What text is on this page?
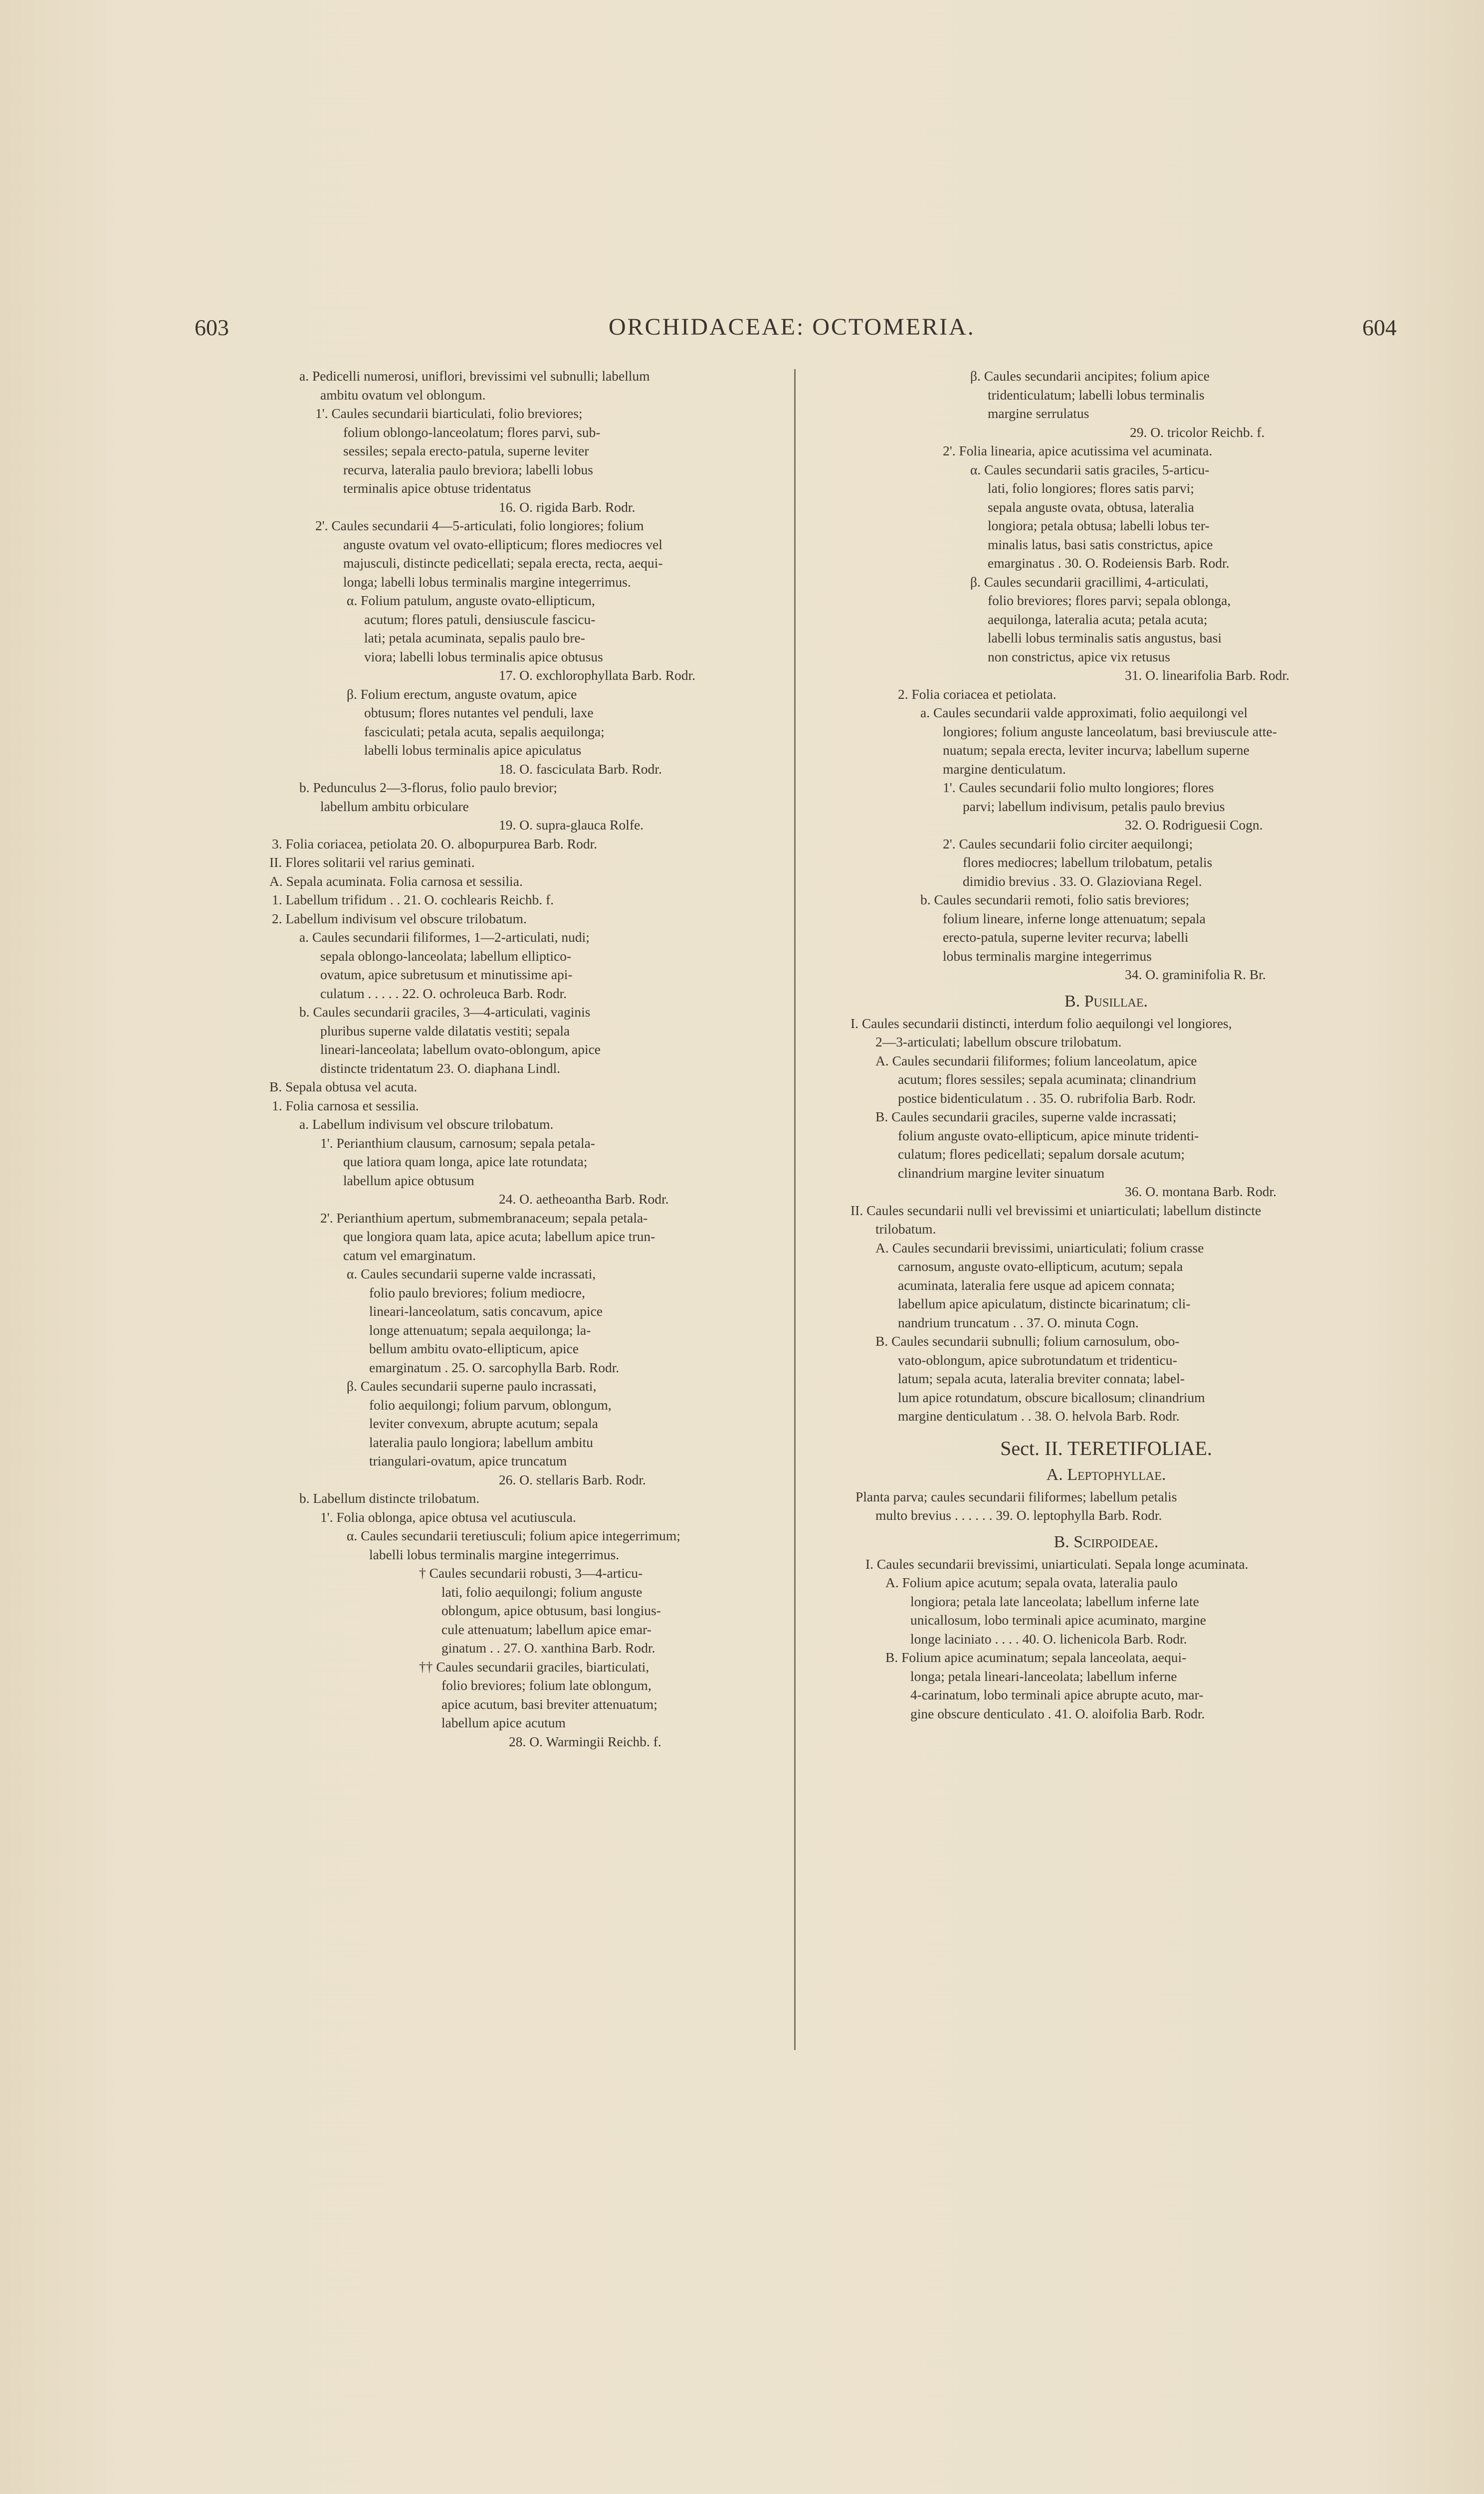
603	ORCHIDACEAE: OCTOMERIA.	604
a. Pedicelli numerosi, uniflori, brevissimi vel subnulli; labellum
ambitu ovatum vel oblongum.
1'. Caules secundarii biarticulati, folio breviores;
folium oblongo-lanceolatum; flores parvi, sub-
sessiles; sepala erecto-patula, superne leviter
recurva, lateralia paulo breviora; labelli lobus
terminalis apice obtuse tridentatus
16. O. rigida Barb. Rodr.
2'. Caules secundarii 4—5-articulati, folio longiores; folium
anguste ovatum vel ovato-ellipticum; flores mediocres vel
majusculi, distincte pedicellati; sepala erecta, recta, aequi-
longa; labelli lobus terminalis margine integerrimus.
α. Folium patulum, anguste ovato-ellipticum,
acutum; flores patuli, densiuscule fascicu-
lati; petala acuminata, sepalis paulo bre-
viora; labelli lobus terminalis apice obtusus
17. O. exchlorophyllata Barb. Rodr.
β. Folium erectum, anguste ovatum, apice
obtusum; flores nutantes vel penduli, laxe
fasciculati; petala acuta, sepalis aequilonga;
labelli lobus terminalis apice apiculatus
18. O. fasciculata Barb. Rodr.
b. Pedunculus 2—3-florus, folio paulo brevior;
labellum ambitu orbiculare
19. O. supra-glauca Rolfe.
3. Folia coriacea, petiolata 20. O. albopurpurea Barb. Rodr.
II. Flores solitarii vel rarius geminati.
A. Sepala acuminata. Folia carnosa et sessilia.
1. Labellum trifidum . . 21. O. cochlearis Reichb. f.
2. Labellum indivisum vel obscure trilobatum.
a. Caules secundarii filiformes, 1—2-articulati, nudi;
sepala oblongo-lanceolata; labellum elliptico-
ovatum, apice subretusum et minutissime api-
culatum . . . . . 22. O. ochroleuca Barb. Rodr.
b. Caules secundarii graciles, 3—4-articulati, vaginis
pluribus superne valde dilatatis vestiti; sepala
lineari-lanceolata; labellum ovato-oblongum, apice
distincte tridentatum 23. O. diaphana Lindl.
B. Sepala obtusa vel acuta.
1. Folia carnosa et sessilia.
a. Labellum indivisum vel obscure trilobatum.
1'. Perianthium clausum, carnosum; sepala petala-
que latiora quam longa, apice late rotundata;
labellum apice obtusum
24. O. aetheoantha Barb. Rodr.
2'. Perianthium apertum, submembranaceum; sepala petala-
que longiora quam lata, apice acuta; labellum apice trun-
catum vel emarginatum.
α. Caules secundarii superne valde incrassati,
folio paulo breviores; folium mediocre,
lineari-lanceolatum, satis concavum, apice
longe attenuatum; sepala aequilonga; la-
bellum ambitu ovato-ellipticum, apice
emarginatum . 25. O. sarcophylla Barb. Rodr.
β. Caules secundarii superne paulo incrassati,
folio aequilongi; folium parvum, oblongum,
leviter convexum, abrupte acutum; sepala
lateralia paulo longiora; labellum ambitu
triangulari-ovatum, apice truncatum
26. O. stellaris Barb. Rodr.
b. Labellum distincte trilobatum.
1'. Folia oblonga, apice obtusa vel acutiuscula.
α. Caules secundarii teretiusculi; folium apice integerrimum;
labelli lobus terminalis margine integerrimus.
† Caules secundarii robusti, 3—4-articu-
lati, folio aequilongi; folium anguste
oblongum, apice obtusum, basi longius-
cule attenuatum; labellum apice emar-
ginatum . . 27. O. xanthina Barb. Rodr.
†† Caules secundarii graciles, biarticulati,
folio breviores; folium late oblongum,
apice acutum, basi breviter attenuatum;
labellum apice acutum
28. O. Warmingii Reichb. f.
β. Caules secundarii ancipites; folium apice
tridenticulatum; labelli lobus terminalis
margine serrulatus
29. O. tricolor Reichb. f.
2'. Folia linearia, apice acutissima vel acuminata.
α. Caules secundarii satis graciles, 5-articu-
lati, folio longiores; flores satis parvi;
sepala anguste ovata, obtusa, lateralia
longiora; petala obtusa; labelli lobus ter-
minalis latus, basi satis constrictus, apice
emarginatus . 30. O. Rodeiensis Barb. Rodr.
β. Caules secundarii gracillimi, 4-articulati,
folio breviores; flores parvi; sepala oblonga,
aequilonga, lateralia acuta; petala acuta;
labelli lobus terminalis satis angustus, basi
non constrictus, apice vix retusus
31. O. linearifolia Barb. Rodr.
2. Folia coriacea et petiolata.
a. Caules secundarii valde approximati, folio aequilongi vel
longiores; folium anguste lanceolatum, basi breviuscule atte-
nuatum; sepala erecta, leviter incurva; labellum superne
margine denticulatum.
1'. Caules secundarii folio multo longiores; flores
parvi; labellum indivisum, petalis paulo brevius
32. O. Rodriguesii Cogn.
2'. Caules secundarii folio circiter aequilongi;
flores mediocres; labellum trilobatum, petalis
dimidio brevius . 33. O. Glazioviana Regel.
b. Caules secundarii remoti, folio satis breviores;
folium lineare, inferne longe attenuatum; sepala
erecto-patula, superne leviter recurva; labelli
lobus terminalis margine integerrimus
34. O. graminifolia R. Br.
B. Pusillae.
I. Caules secundarii distincti, interdum folio aequilongi vel longiores,
2—3-articulati; labellum obscure trilobatum.
A. Caules secundarii filiformes; folium lanceolatum, apice
acutum; flores sessiles; sepala acuminata; clinandrium
postice bidenticulatum . . 35. O. rubrifolia Barb. Rodr.
B. Caules secundarii graciles, superne valde incrassati;
folium anguste ovato-ellipticum, apice minute tridenti-
culatum; flores pedicellati; sepalum dorsale acutum;
clinandrium margine leviter sinuatum
36. O. montana Barb. Rodr.
II. Caules secundarii nulli vel brevissimi et uniarticulati; labellum distincte
trilobatum.
A. Caules secundarii brevissimi, uniarticulati; folium crasse
carnosum, anguste ovato-ellipticum, acutum; sepala
acuminata, lateralia fere usque ad apicem connata;
labellum apice apiculatum, distincte bicarinatum; cli-
nandrium truncatum . . 37. O. minuta Cogn.
B. Caules secundarii subnulli; folium carnosulum, obo-
vato-oblongum, apice subrotundatum et tridenticu-
latum; sepala acuta, lateralia breviter connata; label-
lum apice rotundatum, obscure bicallosum; clinandrium
margine denticulatum . . 38. O. helvola Barb. Rodr.
Sect. II. TERETIFOLIAE.
A. Leptophyllae.
Planta parva; caules secundarii filiformes; labellum petalis
multo brevius . . . . . . 39. O. leptophylla Barb. Rodr.
B. Scirpoideae.
I. Caules secundarii brevissimi, uniarticulati. Sepala longe acuminata.
A. Folium apice acutum; sepala ovata, lateralia paulo
longiora; petala late lanceolata; labellum inferne late
unicallosum, lobo terminali apice acuminato, margine
longe laciniato . . . . 40. O. lichenicola Barb. Rodr.
B. Folium apice acuminatum; sepala lanceolata, aequi-
longa; petala lineari-lanceolata; labellum inferne
4-carinatum, lobo terminali apice abrupte acuto, mar-
gine obscure denticulato . 41. O. aloifolia Barb. Rodr.
